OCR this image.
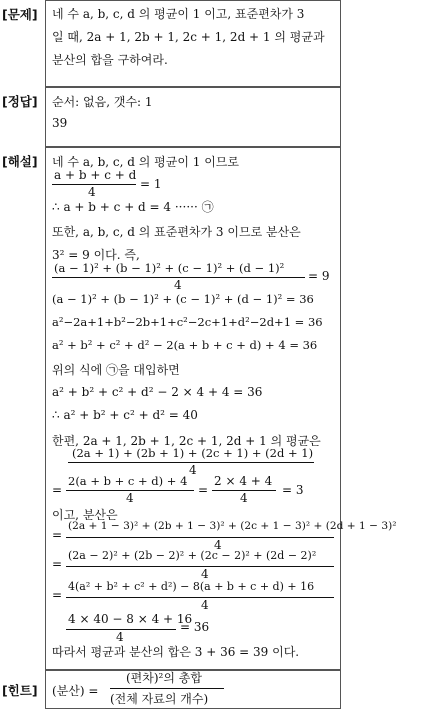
[문제]
[정답]
[해설]
[힌트]
네 수 a, b, c, d 의 평균이 1 이고, 표준편차가 3
일 때, 2a + 1, 2b + 1, 2c + 1, 2d + 1 의 평균과
분산의 합을 구하여라.
순서: 없음, 갯수: 1
39
네 수 a, b, c, d 의 평균이 1 이므로
a + b + c + d
4
= 1
∴ a + b + c + d = 4 ······ ㉠
또한, a, b, c, d 의 표준편차가 3 이므로 분산은
3² = 9 이다. 즉,
(a − 1)² + (b − 1)² + (c − 1)² + (d − 1)²
4
= 9
(a − 1)² + (b − 1)² + (c − 1)² + (d − 1)² = 36
a²−2a+1+b²−2b+1+c²−2c+1+d²−2d+1 = 36
a² + b² + c² + d² − 2(a + b + c + d) + 4 = 36
위의 식에 ㉠을 대입하면
a² + b² + c² + d² − 2 × 4 + 4 = 36
∴ a² + b² + c² + d² = 40
한편, 2a + 1, 2b + 1, 2c + 1, 2d + 1 의 평균은
(2a + 1) + (2b + 1) + (2c + 1) + (2d + 1)
4
=
2(a + b + c + d) + 4
4
=
2 × 4 + 4
4
= 3
이고, 분산은
(2a + 1 − 3)² + (2b + 1 − 3)² + (2c + 1 − 3)² + (2d + 1 − 3)²
4
=
(2a − 2)² + (2b − 2)² + (2c − 2)² + (2d − 2)²
4
=
4(a² + b² + c² + d²) − 8(a + b + c + d) + 16
4
=
4 × 40 − 8 × 4 + 16
4
= 36
따라서 평균과 분산의 합은 3 + 36 = 39 이다.
(분산) =
(편차)²의 총합
(전체 자료의 개수)
